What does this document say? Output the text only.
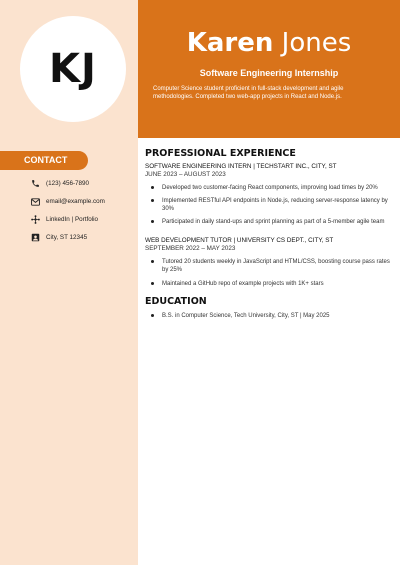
KJ
Karen Jones
Software Engineering Internship
Computer Science student proficient in full-stack development and agile methodologies. Completed two web-app projects in React and Node.js.
CONTACT
(123) 456-7890
email@example.com
LinkedIn | Portfolio
City, ST 12345
PROFESSIONAL EXPERIENCE
SOFTWARE ENGINEERING INTERN | TECHSTART INC., CITY, ST
JUNE 2023 – AUGUST 2023
Developed two customer-facing React components, improving load times by 20%
Implemented RESTful API endpoints in Node.js, reducing server-response latency by 30%
Participated in daily stand-ups and sprint planning as part of a 5-member agile team
WEB DEVELOPMENT TUTOR | UNIVERSITY CS DEPT., CITY, ST
SEPTEMBER 2022 – MAY 2023
Tutored 20 students weekly in JavaScript and HTML/CSS, boosting course pass rates by 25%
Maintained a GitHub repo of example projects with 1K+ stars
EDUCATION
B.S. in Computer Science, Tech University, City, ST | May 2025
